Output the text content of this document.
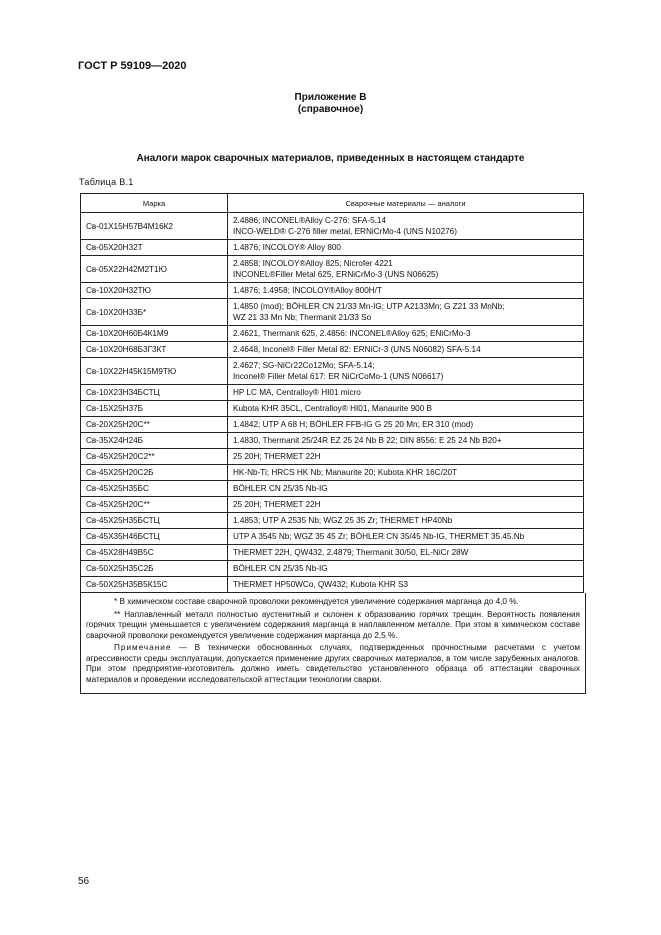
ГОСТ Р 59109—2020
Приложение В
(справочное)
Аналоги марок сварочных материалов, приведенных в настоящем стандарте
Таблица В.1
Марка	Сварочные материалы — аналоги
Св-01Х15Н57В4М16К2	2.4886; INCONEL®Alloy C-276: SFA-5.14
INCO-WELD® C-276 filler metal, ERNiCrMo-4 (UNS N10276)

Св-05Х20Н32Т	1.4876; INCOLOY® Alloy 800

Св-05Х22Н42М2Т1Ю	2.4858; INCOLOY®Alloy 825; Nicrofer 4221
INCONEL®Filler Metal 625, ERNiCrMo-3 (UNS N06625)

Св-10Х20Н32ТЮ	1.4876; 1.4958; INCOLOY®Alloy 800H/T

Св-10Х20Н33Б*	1.4850 (mod); BÖHLER CN 21/33 Mn-IG; UTP A2133Mn; G Z21 33 MnNb;
WZ 21 33 Mn Nb; Thermanit 21/33 So

Св-10Х20Н60Б4К1М9	2.4621, Thermanit 625, 2.4856: INCONEL®Alloy 625; ENiCrMo-3

Св-10Х20Н68Б3Г3КТ	2.4648, Inconel® Filler Metal 82: ERNiCr-3 (UNS N06082) SFA-5.14

Св-10Х22Н45К15М9ТЮ	2.4627; SG-NiCr22Co12Mo; SFA-5.14;
Inconel® Filler Metal 617: ER NiCrCoMo-1 (UNS N06617)

Св-10Х23Н34БСТЦ	HP LC MA, Centralloy® HI01 micro

Св-15Х25Н37Б	Kubota KHR 35CL, Centralloy® HI01, Manaurite 900 B

Св-20Х25Н20С**	1.4842; UTP A 68 H; BÖHLER FFB-IG G 25 20 Mn; ER 310 (mod)

Св-35Х24Н24Б	1.4830, Thermanit 25/24R EZ 25 24 Nb B 22; DIN 8556: E 25 24 Nb B20+

Св-45Х25Н20С2**	25 20H; THERMET 22H

Св-45Х25Н20С2Б	HK-Nb-Ti; HRCS HK Nb; Manaurite 20; Kubota KHR 16C/20T

Св-45Х25Н35БС	BÖHLER CN 25/35 Nb-IG

Св-45Х25Н20С**	25 20H; THERMET 22H

Св-45Х25Н35БСТЦ	1.4853; UTP A 2535 Nb; WGZ 25 35 Zr; THERMET HP40Nb

Св-45Х35Н46БСТЦ	UTP A 3545 Nb; WGZ 35 45 Zr; BÖHLER CN 35/45 Nb-IG, THERMET 35.45.Nb

Св-45Х28Н49В5С	THERMET 22H, QW432, 2.4879; Thermanit 30/50, EL-NiCr 28W

Св-50Х25Н35С2Б	BÖHLER CN 25/35 Nb-IG

Св-50Х25Н35В5К15С	THERMET HP50WCo, QW432; Kubota KHR S3

* В химическом составе сварочной проволоки рекомендуется увеличение содержания марганца до 4,0 %.

** Наплавленный металл полностью аустенитный и склонен к образованию горячих трещин. Вероятность появления горячих трещин уменьшается с увеличением содержания марганца в наплавленном металле. При этом в химическом составе сварочной проволоки рекомендуется увеличение содержания марганца до 2,5 %.

Примечание — В технически обоснованных случаях, подтвержденных прочностными расчетами с учетом агрессивности среды эксплуатации, допускается применение других сварочных материалов, в том числе зарубежных аналогов. При этом предприятие-изготовитель должно иметь свидетельство установленного образца об аттестации сварочных материалов и проведении исследовательской аттестации технологии сварки.

56
